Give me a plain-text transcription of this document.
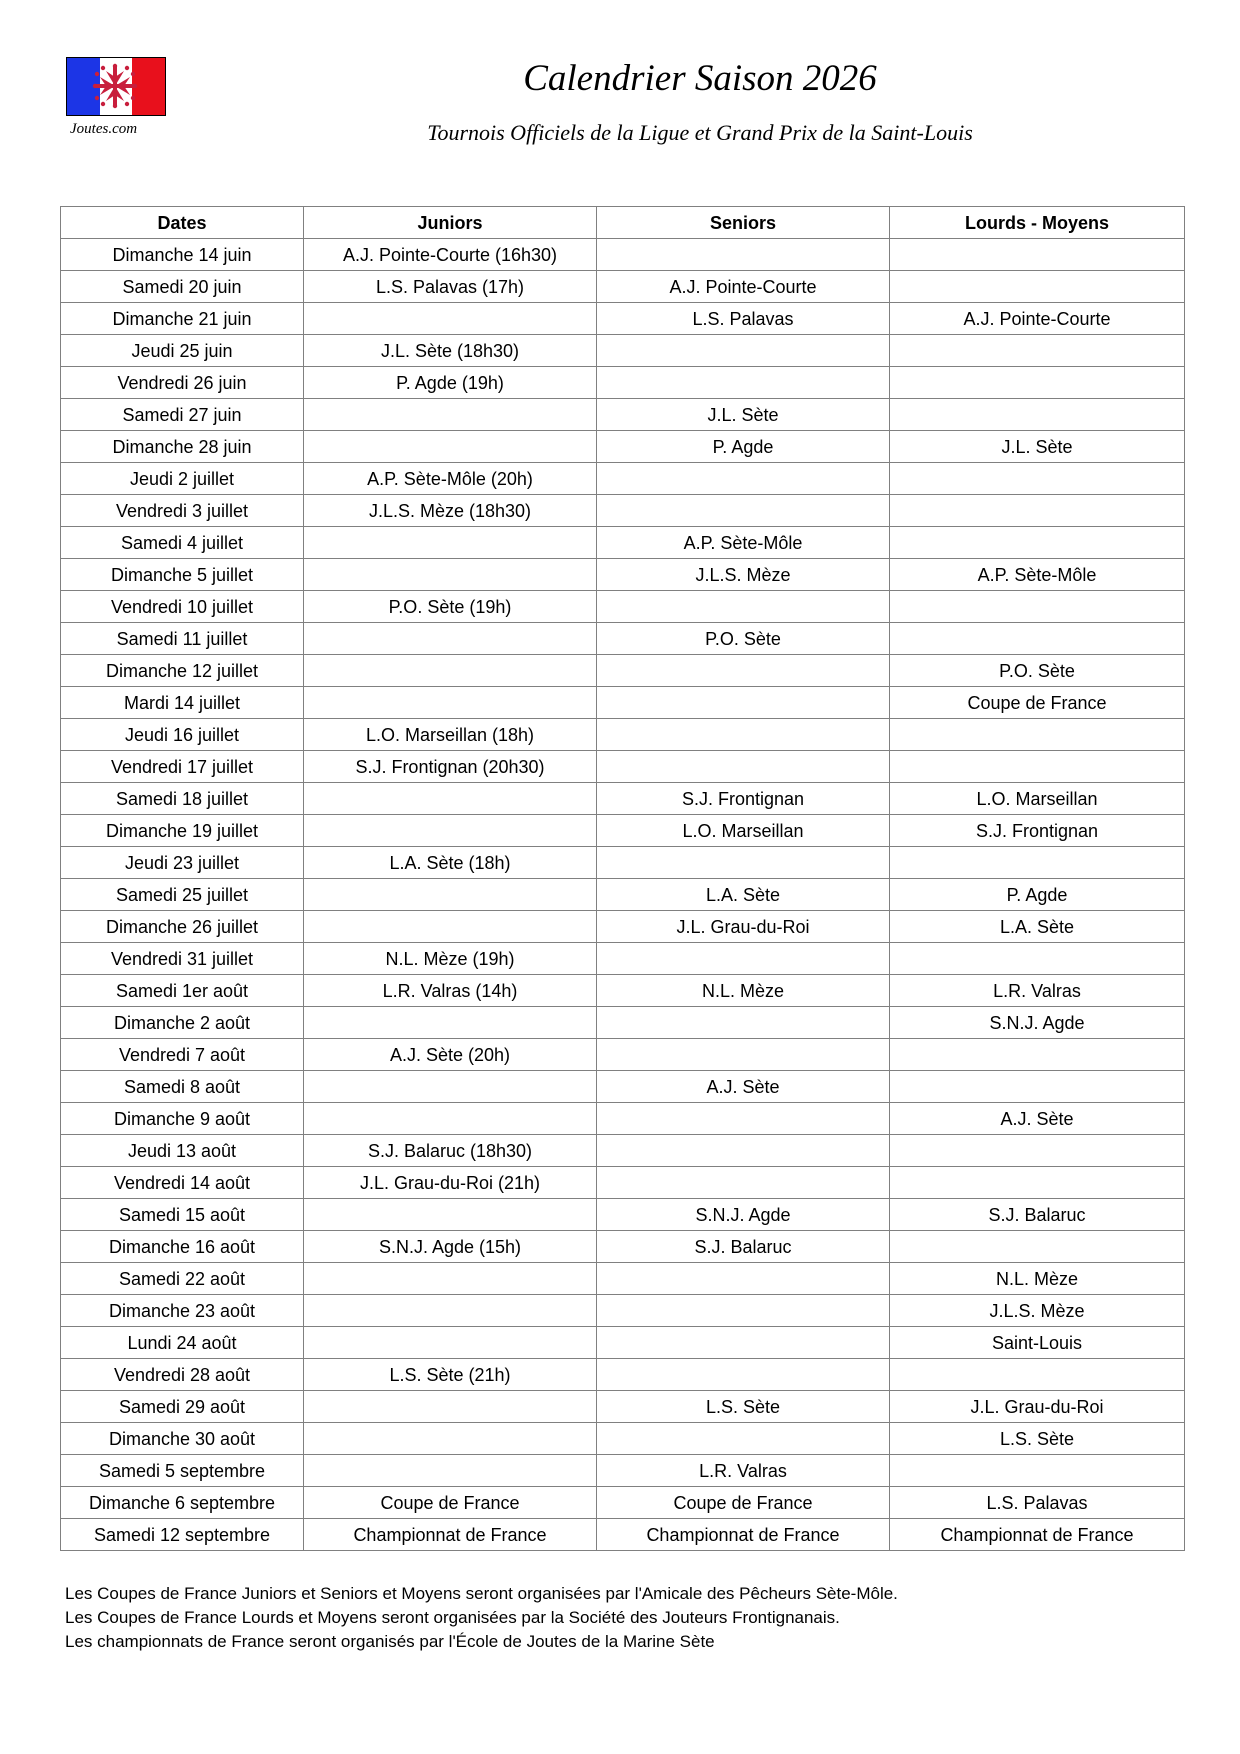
Joutes.com
Calendrier Saison 2026
Tournois Officiels de la Ligue et Grand Prix de la Saint-Louis
Dates	Juniors	Seniors	Lourds - Moyens
Dimanche 14 juin	A.J. Pointe-Courte (16h30)		
Samedi 20 juin	L.S. Palavas (17h)	A.J. Pointe-Courte	
Dimanche 21 juin		L.S. Palavas	A.J. Pointe-Courte
Jeudi 25 juin	J.L. Sète (18h30)		
Vendredi 26 juin	P. Agde (19h)		
Samedi 27 juin		J.L. Sète	
Dimanche 28 juin		P. Agde	J.L. Sète
Jeudi 2 juillet	A.P. Sète-Môle (20h)		
Vendredi 3 juillet	J.L.S. Mèze (18h30)		
Samedi 4 juillet		A.P. Sète-Môle	
Dimanche 5 juillet		J.L.S. Mèze	A.P. Sète-Môle
Vendredi 10 juillet	P.O. Sète (19h)		
Samedi 11 juillet		P.O. Sète	
Dimanche 12 juillet			P.O. Sète
Mardi 14 juillet			Coupe de France
Jeudi 16 juillet	L.O. Marseillan (18h)		
Vendredi 17 juillet	S.J. Frontignan (20h30)		
Samedi 18 juillet		S.J. Frontignan	L.O. Marseillan
Dimanche 19 juillet		L.O. Marseillan	S.J. Frontignan
Jeudi 23 juillet	L.A. Sète (18h)		
Samedi 25 juillet		L.A. Sète	P. Agde
Dimanche 26 juillet		J.L. Grau-du-Roi	L.A. Sète
Vendredi 31 juillet	N.L. Mèze (19h)		
Samedi 1er août	L.R. Valras (14h)	N.L. Mèze	L.R. Valras
Dimanche 2 août			S.N.J. Agde
Vendredi 7 août	A.J. Sète (20h)		
Samedi 8 août		A.J. Sète	
Dimanche 9 août			A.J. Sète
Jeudi 13 août	S.J. Balaruc (18h30)		
Vendredi 14 août	J.L. Grau-du-Roi (21h)		
Samedi 15 août		S.N.J. Agde	S.J. Balaruc
Dimanche 16 août	S.N.J. Agde (15h)	S.J. Balaruc	
Samedi 22 août			N.L. Mèze
Dimanche 23 août			J.L.S. Mèze
Lundi 24 août			Saint-Louis
Vendredi 28 août	L.S. Sète (21h)		
Samedi 29 août		L.S. Sète	J.L. Grau-du-Roi
Dimanche 30 août			L.S. Sète
Samedi 5 septembre		L.R. Valras	
Dimanche 6 septembre	Coupe de France	Coupe de France	L.S. Palavas
Samedi 12 septembre	Championnat de France	Championnat de France	Championnat de France
Les Coupes de France Juniors et Seniors et Moyens seront organisées par l'Amicale des Pêcheurs Sète-Môle.
Les Coupes de France Lourds et Moyens seront organisées par la Société des Jouteurs Frontignanais.
Les championnats de France seront organisés par l'École de Joutes de la Marine Sète
